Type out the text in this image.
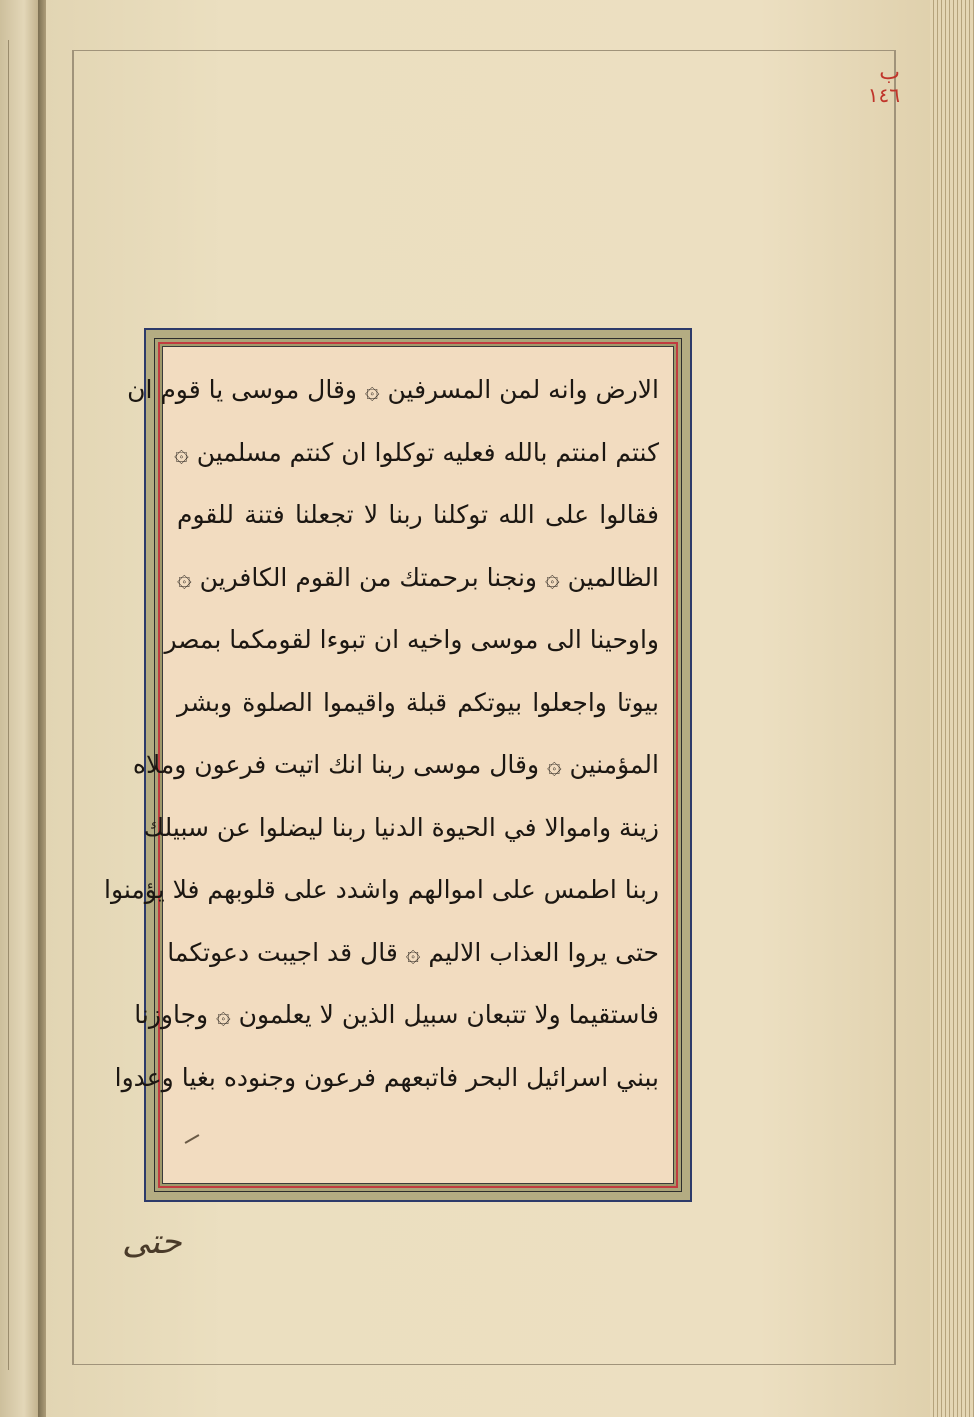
ب
١٤٦
الارض وانه لمن المسرفين ۞ وقال موسى يا قوم ان
كنتم امنتم بالله فعليه توكلوا ان كنتم مسلمين ۞
فقالوا على الله توكلنا ربنا لا تجعلنا فتنة للقوم
الظالمين ۞ ونجنا برحمتك من القوم الكافرين ۞
واوحينا الى موسى واخيه ان تبوءا لقومكما بمصر
بيوتا واجعلوا بيوتكم قبلة واقيموا الصلوة وبشر
المؤمنين ۞ وقال موسى ربنا انك اتيت فرعون وملاه
زينة واموالا في الحيوة الدنيا ربنا ليضلوا عن سبيلك
ربنا اطمس على اموالهم واشدد على قلوبهم فلا يؤمنوا
حتى يروا العذاب الاليم ۞ قال قد اجيبت دعوتكما
فاستقيما ولا تتبعان سبيل الذين لا يعلمون ۞ وجاوزنا
ببني اسرائيل البحر فاتبعهم فرعون وجنوده بغيا وعدوا
حتى
